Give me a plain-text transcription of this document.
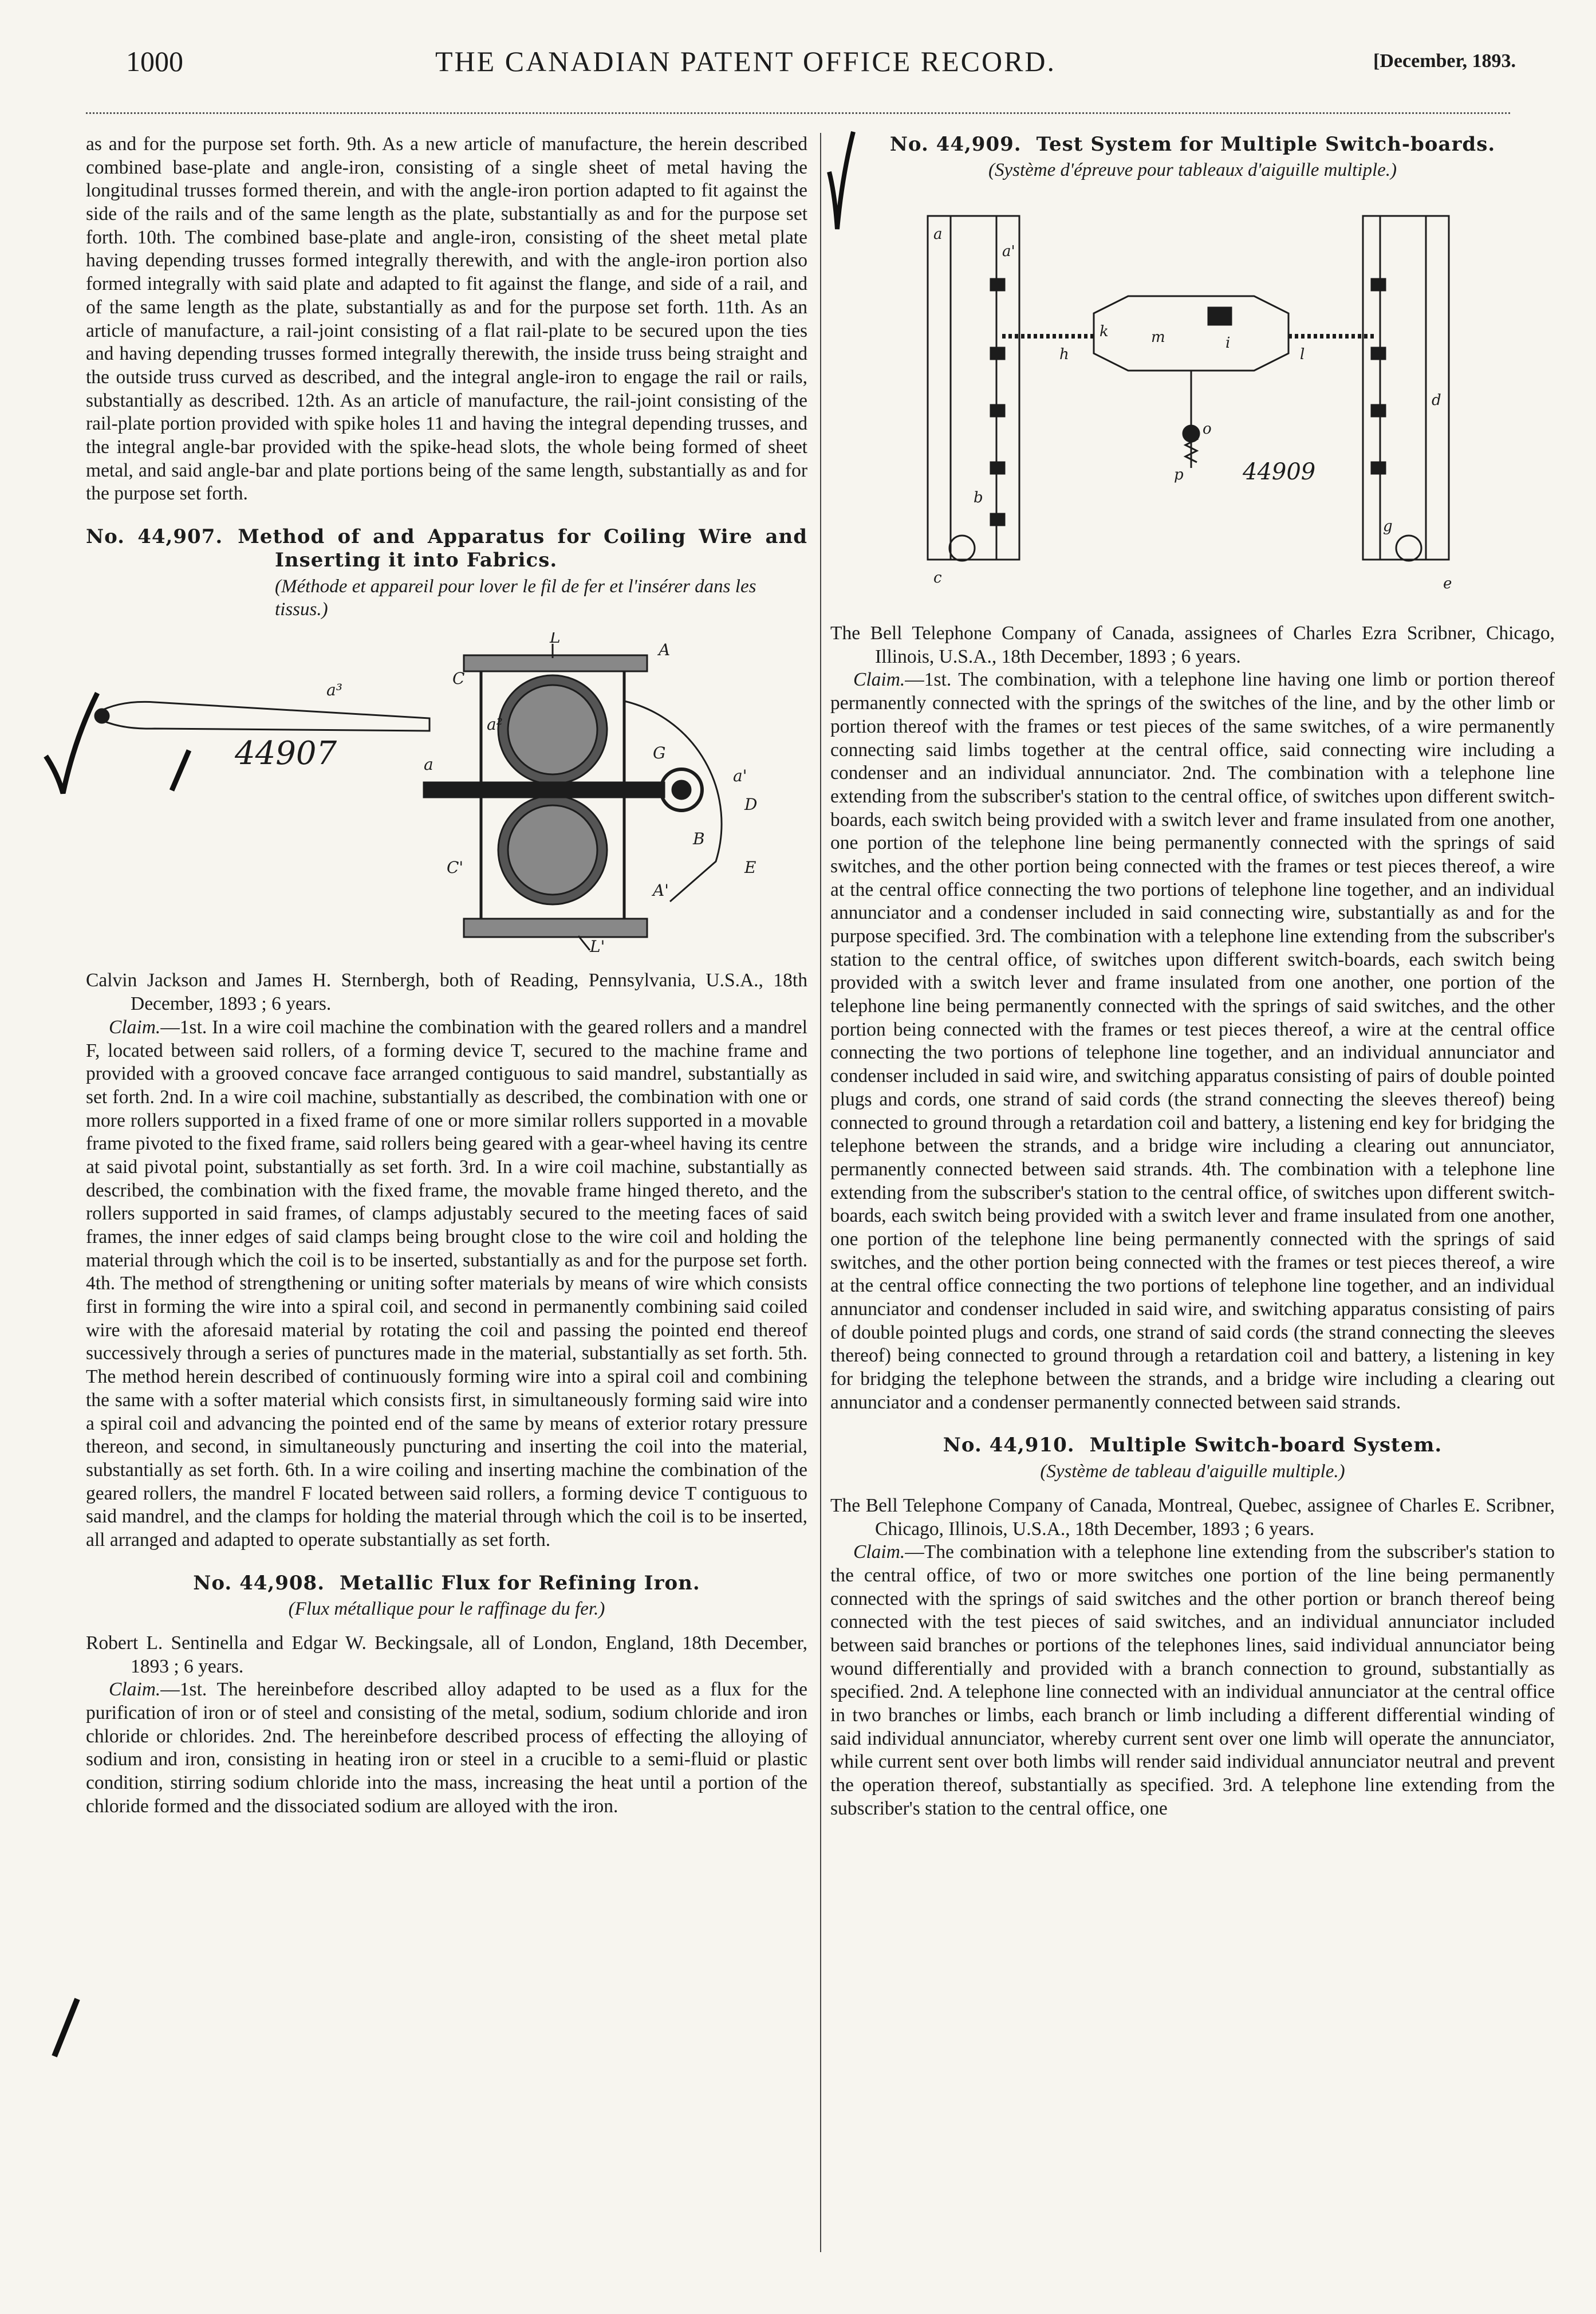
1000	THE CANADIAN PATENT OFFICE RECORD.	[December, 1893.

as and for the purpose set forth. 9th. As a new article of manufacture, the herein described combined base-plate and angle-iron, consisting of a single sheet of metal having the longitudinal trusses formed therein, and with the angle-iron portion adapted to fit against the side of the rails and of the same length as the plate, substantially as and for the purpose set forth. 10th. The combined base-plate and angle-iron, consisting of the sheet metal plate having depending trusses formed integrally therewith, and with the angle-iron portion also formed integrally with said plate and adapted to fit against the flange, and side of a rail, and of the same length as the plate, substantially as and for the purpose set forth. 11th. As an article of manufacture, a rail-joint consisting of a flat rail-plate to be secured upon the ties and having depending trusses formed integrally therewith, the inside truss being straight and the outside truss curved as described, and the integral angle-iron to engage the rail or rails, substantially as described. 12th. As an article of manufacture, the rail-joint consisting of the rail-plate portion provided with spike holes 11 and having the integral depending trusses, and the integral angle-bar provided with the spike-head slots, the whole being formed of sheet metal, and said angle-bar and plate portions being of the same length, substantially as and for the purpose set forth.

No. 44,907. Method of and Apparatus for Coiling Wire and Inserting it into Fabrics.
(Méthode et appareil pour lover le fil de fer et l'insérer dans les tissus.)
a³
a
a²
C
C'
A
A'
G
a'
D
B
E
L
L'
44907

Calvin Jackson and James H. Sternbergh, both of Reading, Pennsylvania, U.S.A., 18th December, 1893 ; 6 years.

Claim.—1st. In a wire coil machine the combination with the geared rollers and a mandrel F, located between said rollers, of a forming device T, secured to the machine frame and provided with a grooved concave face arranged contiguous to said mandrel, substantially as set forth. 2nd. In a wire coil machine, substantially as described, the combination with one or more rollers supported in a fixed frame of one or more similar rollers supported in a movable frame pivoted to the fixed frame, said rollers being geared with a gear-wheel having its centre at said pivotal point, substantially as set forth. 3rd. In a wire coil machine, substantially as described, the combination with the fixed frame, the movable frame hinged thereto, and the rollers supported in said frames, of clamps adjustably secured to the meeting faces of said frames, the inner edges of said clamps being brought close to the wire coil and holding the material through which the coil is to be inserted, substantially as and for the purpose set forth. 4th. The method of strengthening or uniting softer materials by means of wire which consists first in forming the wire into a spiral coil, and second in permanently combining said coiled wire with the aforesaid material by rotating the coil and passing the pointed end thereof successively through a series of punctures made in the material, substantially as set forth. 5th. The method herein described of continuously forming wire into a spiral coil and combining the same with a softer material which consists first, in simultaneously forming said wire into a spiral coil and advancing the pointed end of the same by means of exterior rotary pressure thereon, and second, in simultaneously puncturing and inserting the coil into the material, substantially as set forth. 6th. In a wire coiling and inserting machine the combination of the geared rollers, the mandrel F located between said rollers, a forming device T contiguous to said mandrel, and the clamps for holding the material through which the coil is to be inserted, all arranged and adapted to operate substantially as set forth.

No. 44,908. Metallic Flux for Refining Iron.
(Flux métallique pour le raffinage du fer.)

Robert L. Sentinella and Edgar W. Beckingsale, all of London, England, 18th December, 1893 ; 6 years.

Claim.—1st. The hereinbefore described alloy adapted to be used as a flux for the purification of iron or of steel and consisting of the metal, sodium, sodium chloride and iron chloride or chlorides. 2nd. The hereinbefore described process of effecting the alloying of sodium and iron, consisting in heating iron or steel in a crucible to a semi-fluid or plastic condition, stirring sodium chloride into the mass, increasing the heat until a portion of the chloride formed and the dissociated sodium are alloyed with the iron.

No. 44,909. Test System for Multiple Switch-boards.
(Système d'épreuve pour tableaux d'aiguille multiple.)
a
a'
b
c
d
e
g
h
k
i
l
m
o
p	44909

The Bell Telephone Company of Canada, assignees of Charles Ezra Scribner, Chicago, Illinois, U.S.A., 18th December, 1893 ; 6 years.

Claim.—1st. The combination, with a telephone line having one limb or portion thereof permanently connected with the springs of the switches of the line, and by the other limb or portion thereof with the frames or test pieces of the same switches, of a wire permanently connecting said limbs together at the central office, said connecting wire including a condenser and an individual annunciator. 2nd. The combination with a telephone line extending from the subscriber's station to the central office, of switches upon different switch-boards, each switch being provided with a switch lever and frame insulated from one another, one portion of the telephone line being permanently connected with the springs of said switches, and the other portion being connected with the frames or test pieces thereof, a wire at the central office connecting the two portions of telephone line together, and an individual annunciator and a condenser included in said connecting wire, substantially as and for the purpose specified. 3rd. The combination with a telephone line extending from the subscriber's station to the central office, of switches upon different switch-boards, each switch being provided with a switch lever and frame insulated from one another, one portion of the telephone line being permanently connected with the springs of said switches, and the other portion being connected with the frames or test pieces thereof, a wire at the central office connecting the two portions of telephone line together, and an individual annunciator and condenser included in said wire, and switching apparatus consisting of pairs of double pointed plugs and cords, one strand of said cords (the strand connecting the sleeves thereof) being connected to ground through a retardation coil and battery, a listening end key for bridging the telephone between the strands, and a bridge wire including a clearing out annunciator, permanently connected between said strands. 4th. The combination with a telephone line extending from the subscriber's station to the central office, of switches upon different switch-boards, each switch being provided with a switch lever and frame insulated from one another, one portion of the telephone line being permanently connected with the springs of said switches, and the other portion being connected with the frames or test pieces thereof, a wire at the central office connecting the two portions of telephone line together, and an individual annunciator and condenser included in said wire, and switching apparatus consisting of pairs of double pointed plugs and cords, one strand of said cords (the strand connecting the sleeves thereof) being connected to ground through a retardation coil and battery, a listening in key for bridging the telephone between the strands, and a bridge wire including a clearing out annunciator and a condenser permanently connected between said strands.

No. 44,910. Multiple Switch-board System.
(Système de tableau d'aiguille multiple.)

The Bell Telephone Company of Canada, Montreal, Quebec, assignee of Charles E. Scribner, Chicago, Illinois, U.S.A., 18th December, 1893 ; 6 years.

Claim.—The combination with a telephone line extending from the subscriber's station to the central office, of two or more switches one portion of the line being permanently connected with the springs of said switches and the other portion or branch thereof being connected with the test pieces of said switches, and an individual annunciator included between said branches or portions of the telephones lines, said individual annunciator being wound differentially and provided with a branch connection to ground, substantially as specified. 2nd. A telephone line connected with an individual annunciator at the central office in two branches or limbs, each branch or limb including a different differential winding of said individual annunciator, whereby current sent over one limb will operate the annunciator, while current sent over both limbs will render said individual annunciator neutral and prevent the operation thereof, substantially as specified. 3rd. A telephone line extending from the subscriber's station to the central office, one
